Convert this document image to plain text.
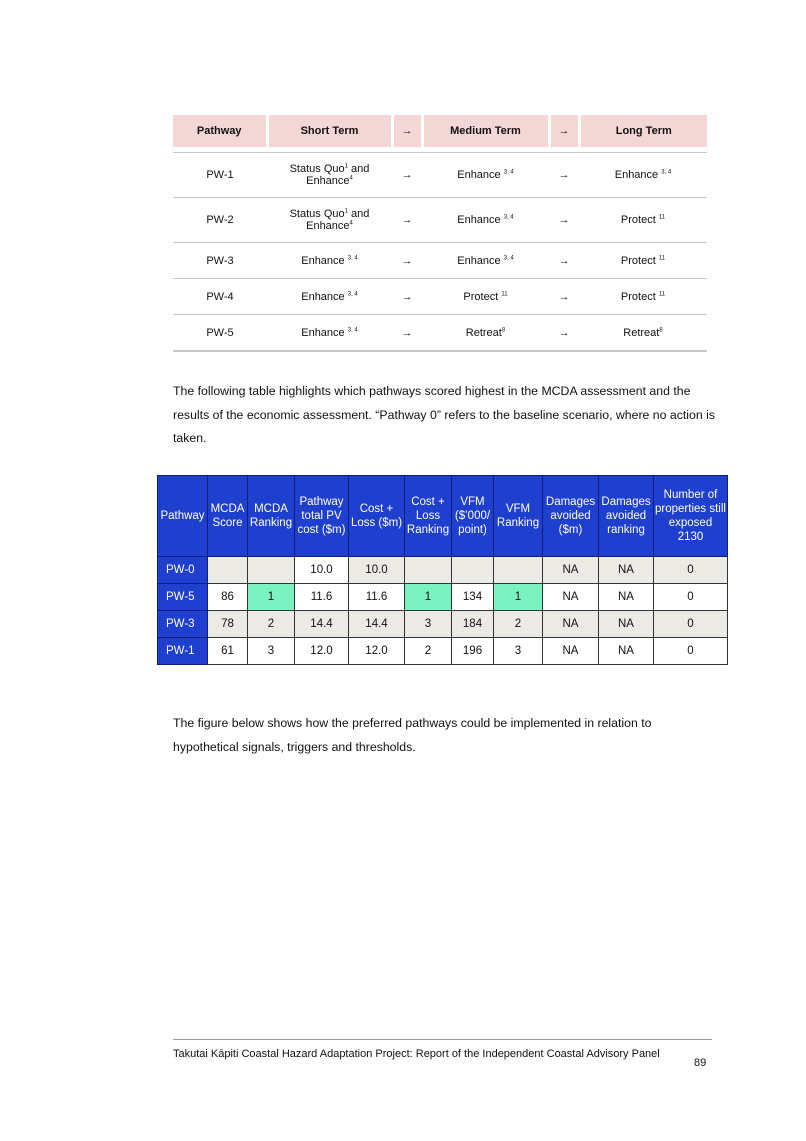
Pathway	Short Term	→	Medium Term	→	Long Term

PW-1	Status Quo$^1$ and
Enhance$^4$	→	Enhance $^{3, 4}$	→	Enhance $^{3, 4}$
PW-2	Status Quo$^1$ and
Enhance$^4$	→	Enhance $^{3, 4}$	→	Protect $^{11}$
PW-3	Enhance $^{3, 4}$	→	Enhance $^{3, 4}$	→	Protect $^{11}$
PW-4	Enhance $^{3, 4}$	→	Protect $^{11}$	→	Protect $^{11}$
PW-5	Enhance $^{3, 4}$	→	Retreat$^8$	→	Retreat$^8$

The following table highlights which pathways scored highest in the MCDA assessment and the results of the economic assessment. “Pathway 0” refers to the baseline scenario, where no action is taken.

Pathway	MCDA Score	MCDA Ranking	Pathway total PV cost ($m)	Cost + Loss ($m)	Cost + Loss Ranking	VFM ($’000/ point)	VFM Ranking	Damages avoided ($m)	Damages avoided ranking	Number of properties still exposed 2130
PW-0			10.0	10.0				NA	NA	0
PW-5	86	1	11.6	11.6	1	134	1	NA	NA	0
PW-3	78	2	14.4	14.4	3	184	2	NA	NA	0
PW-1	61	3	12.0	12.0	2	196	3	NA	NA	0

The figure below shows how the preferred pathways could be implemented in relation to hypothetical signals, triggers and thresholds.

Takutai Kāpiti Coastal Hazard Adaptation Project: Report of the Independent Coastal Advisory Panel
89
